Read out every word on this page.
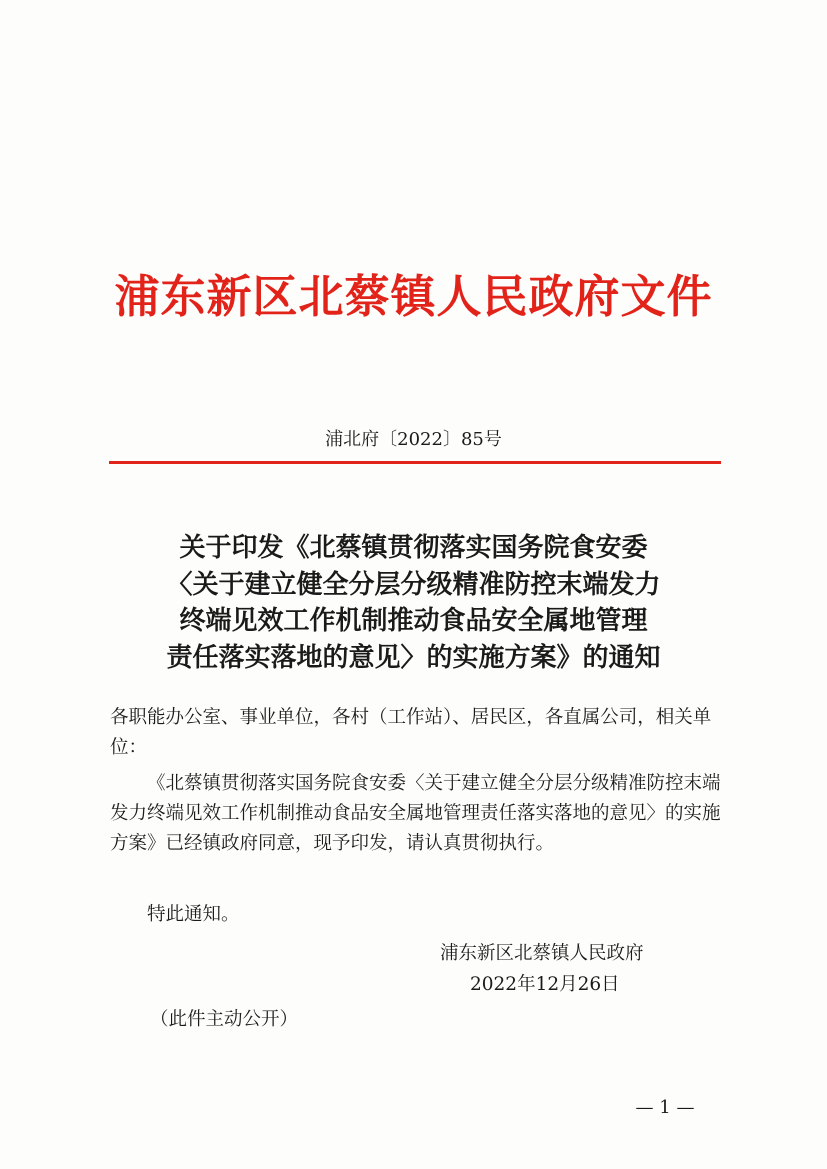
浦东新区北蔡镇人民政府文件
浦北府〔2022〕85号
关于印发《北蔡镇贯彻落实国务院食安委
〈关于建立健全分层分级精准防控末端发力
终端见效工作机制推动食品安全属地管理
责任落实落地的意见〉的实施方案》的通知
各职能办公室、事业单位，各村（工作站）、居民区，各直属公司，相关单位：
《北蔡镇贯彻落实国务院食安委〈关于建立健全分层分级精准防控末端发力终端见效工作机制推动食品安全属地管理责任落实落地的意见〉的实施方案》已经镇政府同意，现予印发，请认真贯彻执行。
特此通知。
浦东新区北蔡镇人民政府
2022年12月26日
（此件主动公开）
— 1 —
